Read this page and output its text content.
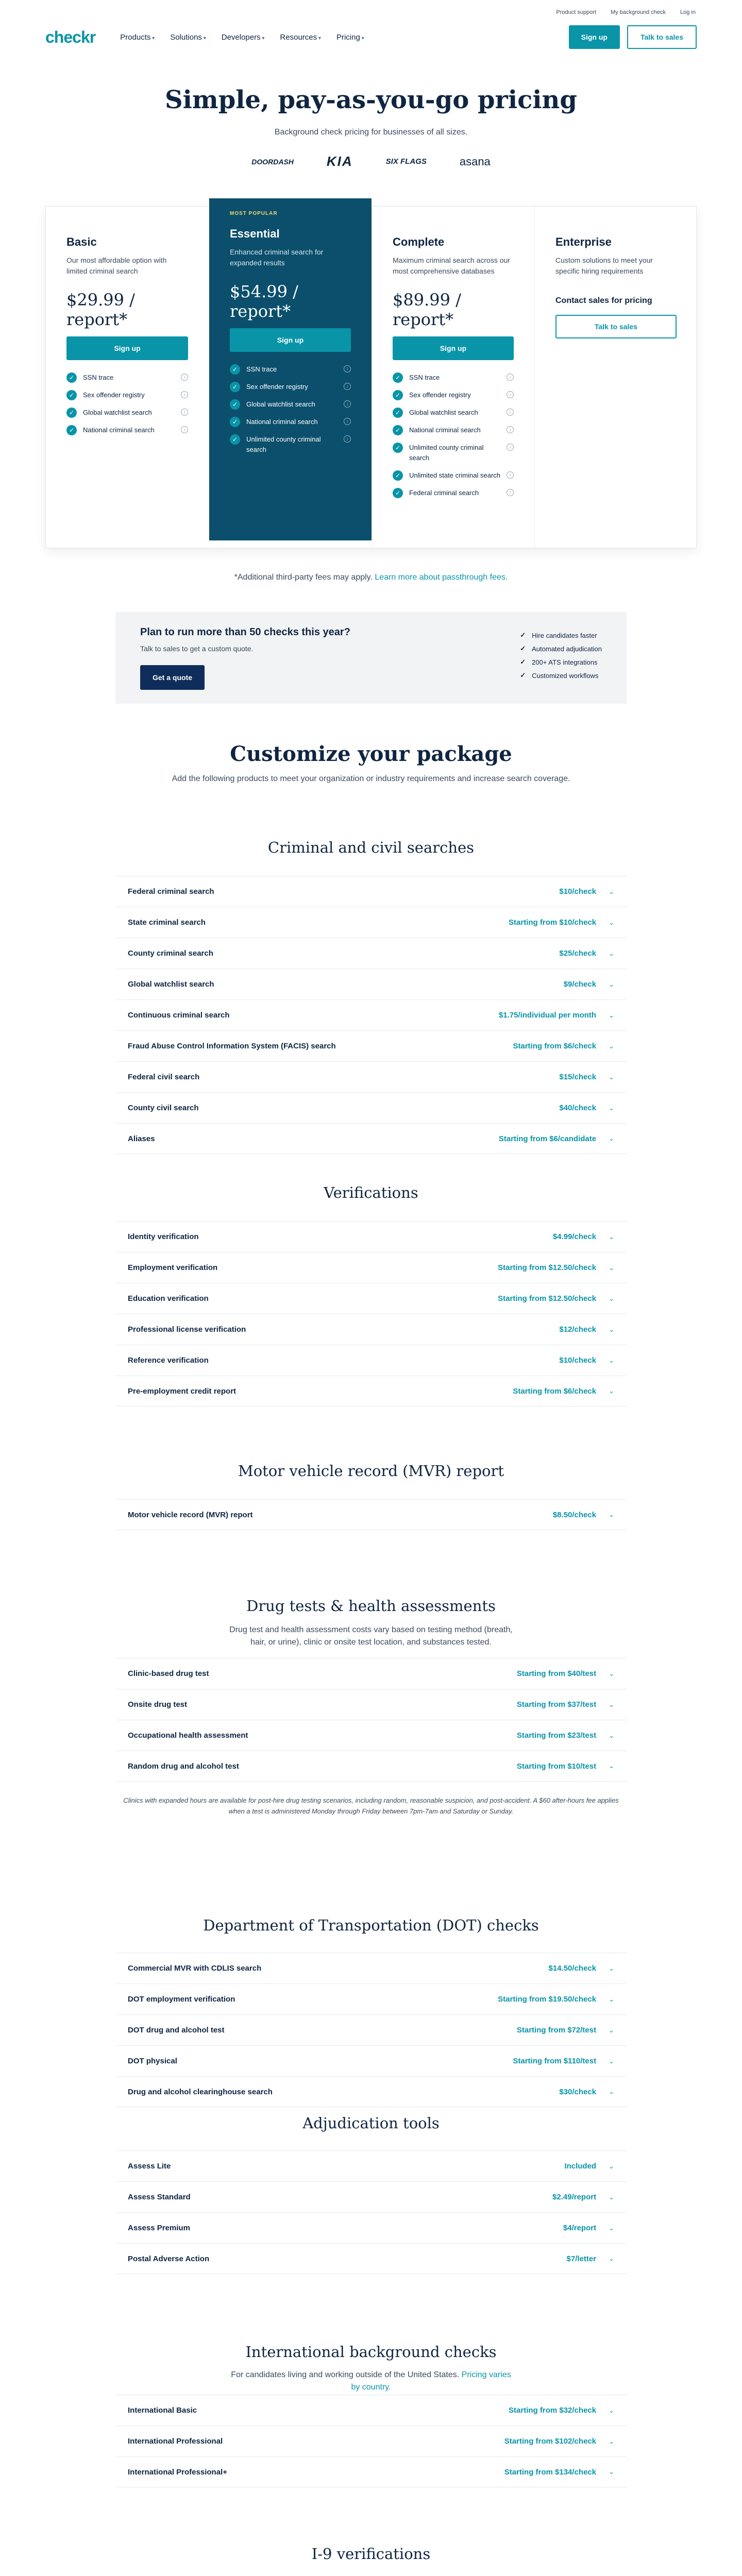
Product support	My background check	Log in
checkr	Products ▾	Solutions ▾	Developers ▾	Resources ▾	Pricing ▾	Sign up	Talk to sales
Simple, pay-as-you-go pricing

Background check pricing for businesses of all sizes.

DOORDASH KIA	SIX FLAGS	asana
Basic
Our most affordable option with limited criminal search
$29.99 / report*
Sign up
✓	SSN trace	i
✓	Sex offender registry	i
✓	Global watchlist search	i
✓	National criminal search	i
MOST POPULAR
Essential
Enhanced criminal search for expanded results
$54.99 / report*
Sign up
✓	SSN trace	i
✓	Sex offender registry	i
✓	Global watchlist search	i
✓	National criminal search	i
✓	Unlimited county criminal search
i
Complete
Maximum criminal search across our most comprehensive databases
$89.99 / report*
Sign up
✓	SSN trace	i
✓	Sex offender registry	i
✓	Global watchlist search	i
✓	National criminal search	i
✓	Unlimited county criminal search
i
✓	Unlimited state criminal search	i
✓	Federal criminal search	i
Enterprise
Custom solutions to meet your specific hiring requirements
Contact sales for pricing
Talk to sales

*Additional third-party fees may apply. Learn more about passthrough fees.

Plan to run more than 50 checks this year?
Talk to sales to get a custom quote.
Get a quote
✓ Hire candidates faster
✓ Automated adjudication
✓ 200+ ATS integrations
✓ Customized workflows
Customize your package

Add the following products to meet your organization or industry requirements and increase search coverage.

Criminal and civil searches
Federal criminal search	$10/check ⌄
State criminal search	Starting from $10/check ⌄
County criminal search	$25/check ⌄
Global watchlist search	$9/check ⌄
Continuous criminal search	$1.75/individual per month ⌄
Fraud Abuse Control Information System (FACIS) search	Starting from $6/check ⌄
Federal civil search	$15/check ⌄
County civil search	$40/check ⌄
Aliases	Starting from $6/candidate ⌄
Verifications
Identity verification	$4.99/check ⌄
Employment verification	Starting from $12.50/check ⌄
Education verification	Starting from $12.50/check ⌄
Professional license verification	$12/check ⌄
Reference verification	$10/check ⌄
Pre-employment credit report	Starting from $6/check ⌄
Motor vehicle record (MVR) report
Motor vehicle record (MVR) report	$8.50/check ⌄
Drug tests & health assessments

Drug test and health assessment costs vary based on testing method (breath, hair, or urine), clinic or onsite test location, and substances tested.

Clinic-based drug test	Starting from $40/test ⌄
Onsite drug test	Starting from $37/test ⌄
Occupational health assessment	Starting from $23/test ⌄
Random drug and alcohol test	Starting from $10/test ⌄

Clinics with expanded hours are available for post-hire drug testing scenarios, including random, reasonable suspicion, and post-accident. A $60 after-hours fee applies when a test is administered Monday through Friday between 7pm-7am and Saturday or Sunday.

Department of Transportation (DOT) checks
Commercial MVR with CDLIS search	$14.50/check ⌄
DOT employment verification	Starting from $19.50/check ⌄
DOT drug and alcohol test	Starting from $72/test ⌄
DOT physical	Starting from $110/test ⌄
Drug and alcohol clearinghouse search	$30/check ⌄
Adjudication tools
Assess Lite	Included ⌄
Assess Standard	$2.49/report ⌄
Assess Premium	$4/report ⌄
Postal Adverse Action	$7/letter ⌄
International background checks

For candidates living and working outside of the United States. Pricing varies by country.

International Basic	Starting from $32/check ⌄
International Professional	Starting from $102/check ⌄
International Professional+	Starting from $134/check ⌄
I-9 verifications
